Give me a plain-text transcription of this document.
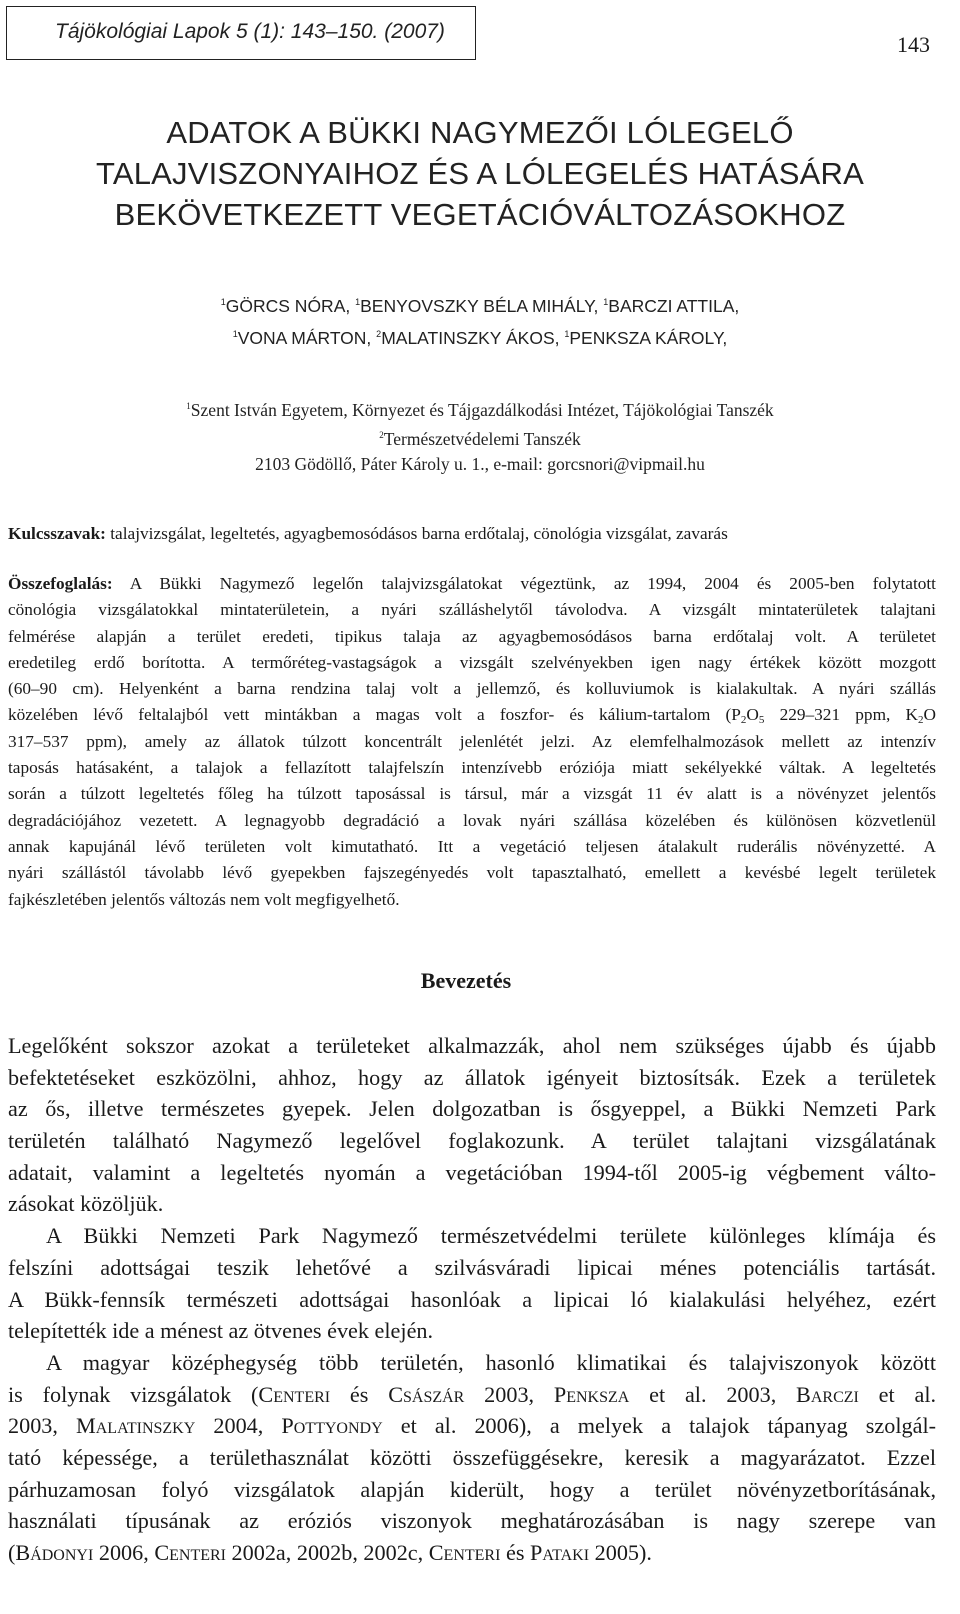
Tájökológiai Lapok 5 (1): 143–150. (2007)
143
ADATOK A BÜKKI NAGYMEZŐI LÓLEGELŐ
TALAJVISZONYAIHOZ ÉS A LÓLEGELÉS HATÁSÁRA
BEKÖVETKEZETT VEGETÁCIÓVÁLTOZÁSOKHOZ
$^1$GÖRCS NÓRA, $^1$BENYOVSZKY BÉLA MIHÁLY, $^1$BARCZI ATTILA,
$^1$VONA MÁRTON, $^2$MALATINSZKY ÁKOS, $^1$PENKSZA KÁROLY,
$^1$Szent István Egyetem, Környezet és Tájgazdálkodási Intézet, Tájökológiai Tanszék
$^2$Természetvédelemi Tanszék
2103 Gödöllő, Páter Károly u. 1., e-mail: gorcsnori@vipmail.hu
Kulcsszavak: talajvizsgálat, legeltetés, agyagbemosódásos barna erdőtalaj, cönológia vizsgálat, zavarás
Összefoglalás: A Bükki Nagymező legelőn talajvizsgálatokat végeztünk, az 1994, 2004 és 2005-ben folytatott
cönológia vizsgálatokkal mintaterületein, a nyári szálláshelytől távolodva. A vizsgált mintaterületek talajtani
felmérése alapján a terület eredeti, tipikus talaja az agyagbemosódásos barna erdőtalaj volt. A területet
eredetileg erdő borította. A termőréteg-vastagságok a vizsgált szelvényekben igen nagy értékek között mozgott
(60–90 cm). Helyenként a barna rendzina talaj volt a jellemző, és kolluviumok is kialakultak. A nyári szállás
közelében lévő feltalajból vett mintákban a magas volt a foszfor- és kálium-tartalom ($P_2O_5$ 229–321 ppm, $K_2O$
317–537 ppm), amely az állatok túlzott koncentrált jelenlétét jelzi. Az elemfelhalmozások mellett az intenzív
taposás hatásaként, a talajok a fellazított talajfelszín intenzívebb eróziója miatt sekélyekké váltak. A legeltetés
során a túlzott legeltetés főleg ha túlzott taposással is társul, már a vizsgát 11 év alatt is a növényzet jelentős
degradációjához vezetett. A legnagyobb degradáció a lovak nyári szállása közelében és különösen közvetlenül
annak kapujánál lévő területen volt kimutatható. Itt a vegetáció teljesen átalakult ruderális növényzetté. A
nyári szállástól távolabb lévő gyepekben fajszegényedés volt tapasztalható, emellett a kevésbé legelt területek
fajkészletében jelentős változás nem volt megfigyelhető.
Bevezetés
Legelőként sokszor azokat a területeket alkalmazzák, ahol nem szükséges újabb és újabb
befektetéseket eszközölni, ahhoz, hogy az állatok igényeit biztosítsák. Ezek a területek
az ős, illetve természetes gyepek. Jelen dolgozatban is ősgyeppel, a Bükki Nemzeti Park
területén található Nagymező legelővel foglakozunk. A terület talajtani vizsgálatának
adatait, valamint a legeltetés nyomán a vegetációban 1994-től 2005-ig végbement válto-
zásokat közöljük.
A Bükki Nemzeti Park Nagymező természetvédelmi területe különleges klímája és
felszíni adottságai teszik lehetővé a szilvásváradi lipicai ménes potenciális tartását.
A Bükk-fennsík természeti adottságai hasonlóak a lipicai ló kialakulási helyéhez, ezért
telepítették ide a ménest az ötvenes évek elején.
A magyar középhegység több területén, hasonló klimatikai és talajviszonyok között
is folynak vizsgálatok (Centeri és Császár 2003, Penksza et al. 2003, Barczi et al.
2003, Malatinszky 2004, Pottyondy et al. 2006), a melyek a talajok tápanyag szolgál-
tató képessége, a területhasználat közötti összefüggésekre, keresik a magyarázatot. Ezzel
párhuzamosan folyó vizsgálatok alapján kiderült, hogy a terület növényzetborításának,
használati típusának az eróziós viszonyok meghatározásában is nagy szerepe van
(Bádonyi 2006, Centeri 2002a, 2002b, 2002c, Centeri és Pataki 2005).
